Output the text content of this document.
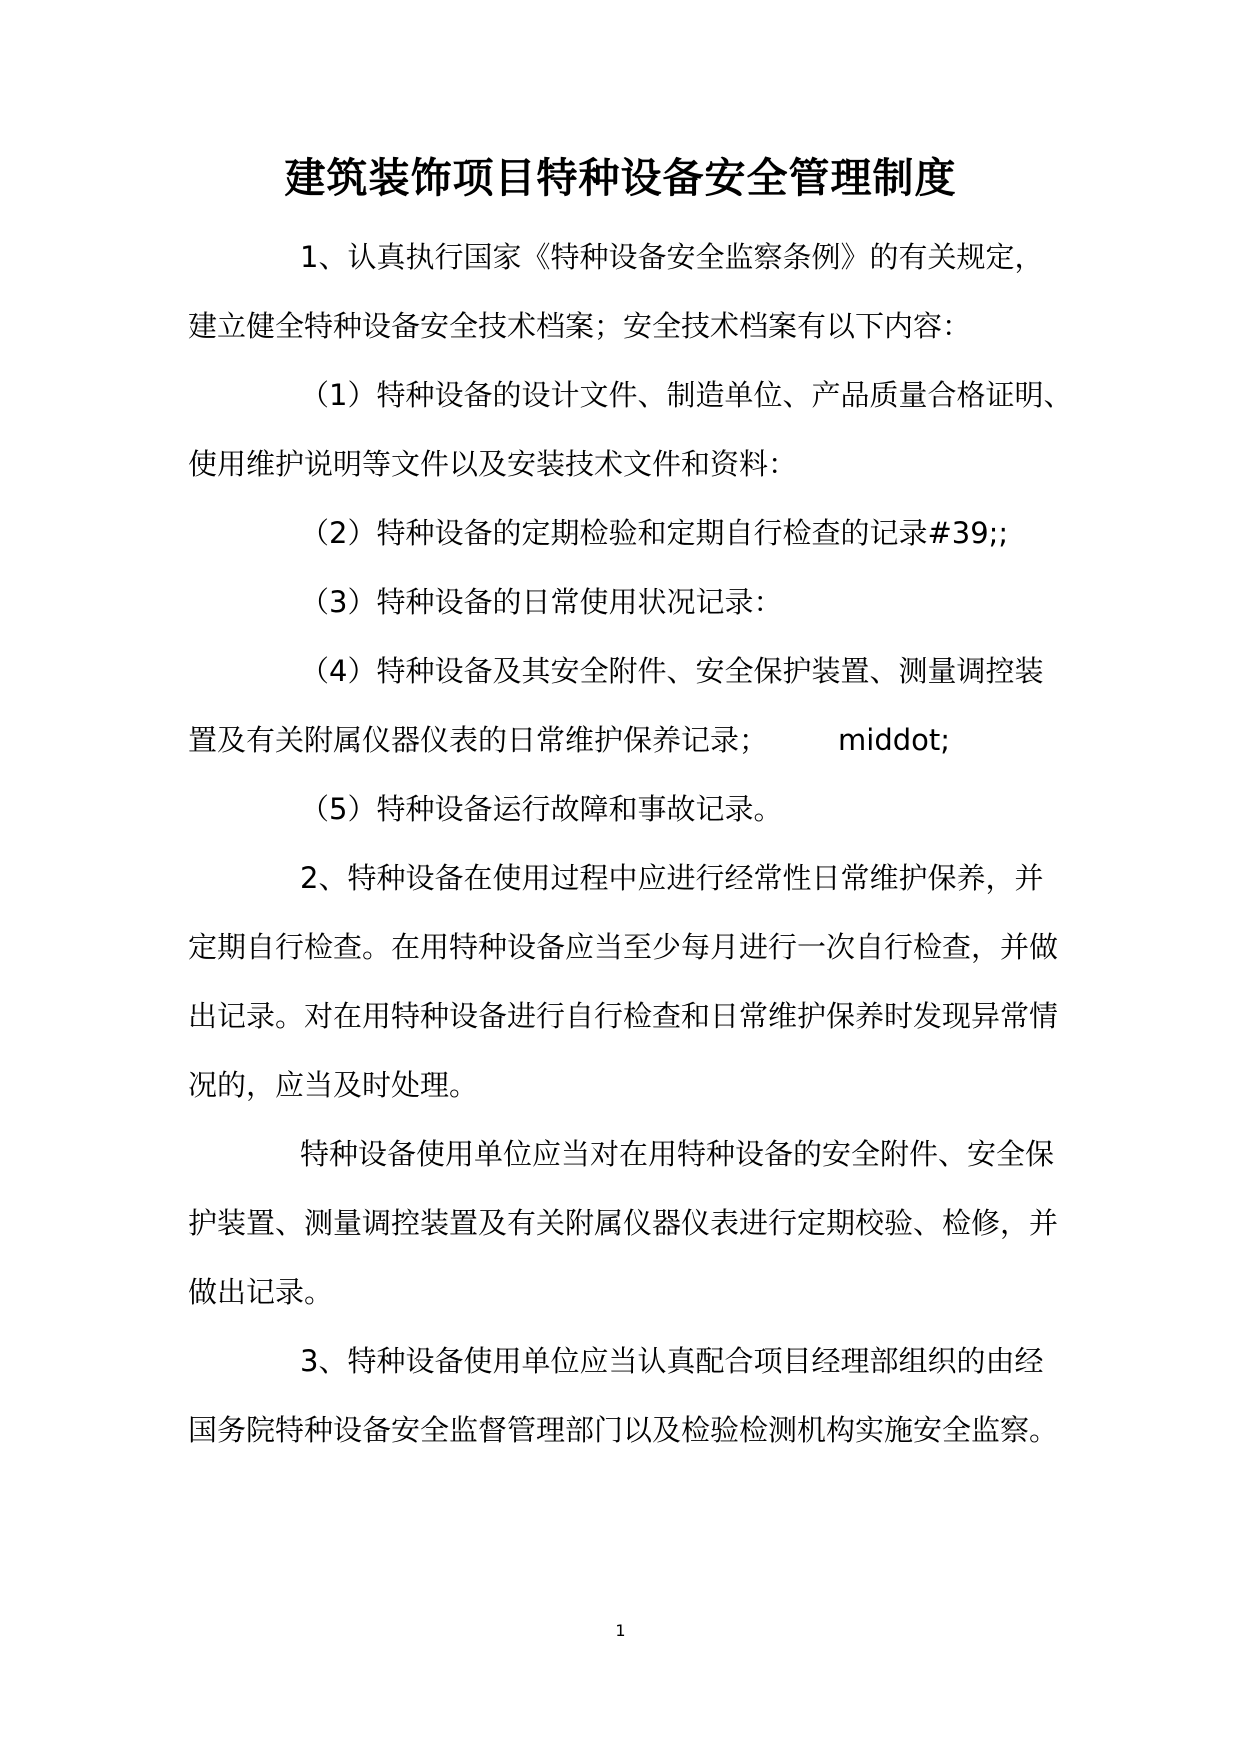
建筑装饰项目特种设备安全管理制度

1、认真执行国家《特种设备安全监察条例》的有关规定，

建立健全特种设备安全技术档案；安全技术档案有以下内容：

（1）特种设备的设计文件、制造单位、产品质量合格证明、

使用维护说明等文件以及安装技术文件和资料：

（2）特种设备的定期检验和定期自行检查的记录#39;;

（3）特种设备的日常使用状况记录：

（4）特种设备及其安全附件、安全保护装置、测量调控装

置及有关附属仪器仪表的日常维护保养记录； middot;

（5）特种设备运行故障和事故记录。

2、特种设备在使用过程中应进行经常性日常维护保养，并

定期自行检查。在用特种设备应当至少每月进行一次自行检查，并做

出记录。对在用特种设备进行自行检查和日常维护保养时发现异常情

况的，应当及时处理。

特种设备使用单位应当对在用特种设备的安全附件、安全保

护装置、测量调控装置及有关附属仪器仪表进行定期校验、检修，并

做出记录。

3、特种设备使用单位应当认真配合项目经理部组织的由经

国务院特种设备安全监督管理部门以及检验检测机构实施安全监察。

1
